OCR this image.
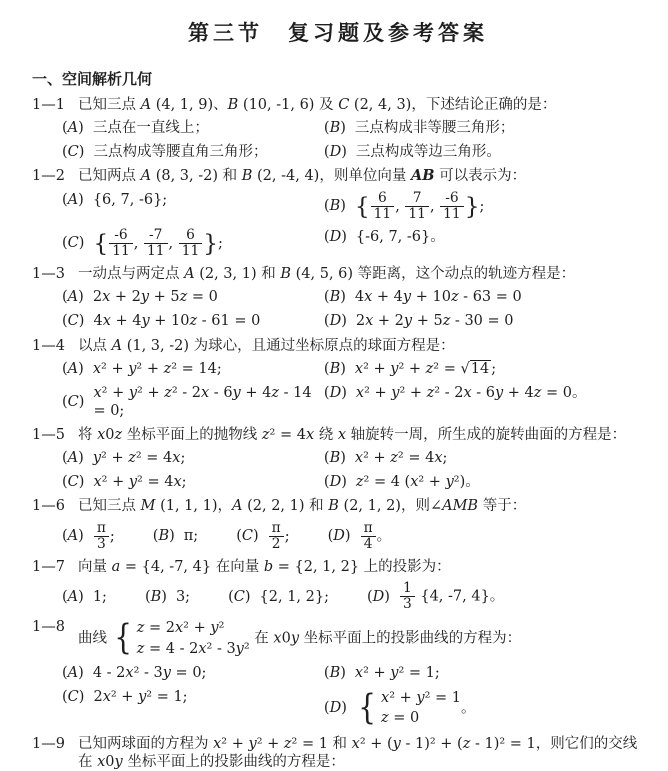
第三节　复习题及参考答案
一、空间解析几何
1—1 已知三点 A (4, 1, 9)、B (10, -1, 6) 及 C (2, 4, 3)，下述结论正确的是：
(A) 三点在一直线上；	(B) 三点构成非等腰三角形；
(C) 三点构成等腰直角三角形；	(D) 三点构成等边三角形。
1—2 已知两点 A (8, 3, -2) 和 B (2, -4, 4)，则单位向量 AB 可以表示为：
(A) {6, 7, -6};	(B) { $\frac{6}{11}$ , $\frac{7}{11}$ , $\frac{-6}{11}$ };
(C) { $\frac{-6}{11}$ , $\frac{-7}{11}$ , $\frac{6}{11}$ };	(D) {-6, 7, -6}。
1—3 一动点与两定点 A (2, 3, 1) 和 B (4, 5, 6) 等距离，这个动点的轨迹方程是：
(A) 2x + 2y + 5z = 0	(B) 4x + 4y + 10z - 63 = 0
(C) 4x + 4y + 10z - 61 = 0	(D) 2x + 2y + 5z - 30 = 0
1—4 以点 A (1, 3, -2) 为球心，且通过坐标原点的球面方程是：
(A) x² + y² + z² = 14;	(B) x² + y² + z² = √14 ;
(C)
x² + y² + z² - 2x - 6y + 4z - 14 = 0;
(D) x² + y² + z² - 2x - 6y + 4z = 0。
1—5 将 x0z 坐标平面上的抛物线 z² = 4x 绕 x 轴旋转一周，所生成的旋转曲面的方程是：
(A) y² + z² = 4x;	(B) x² + z² = 4x;
(C) x² + y² = 4x;	(D) z² = 4 (x² + y²)。
1—6 已知三点 M (1, 1, 1)，A (2, 2, 1) 和 B (2, 1, 2)，则∠AMB 等于：
$(A) \frac{\pi}{3}$ ;	(B) π;	$(C) \frac{\pi}{2}$ ;	$(D) \frac{\pi}{4}$ 。
1—7 向量 a = {4, -7, 4} 在向量 b = {2, 1, 2} 上的投影为：
(A) 1;	(B) 3;	(C) {2, 1, 2};	$(D) \frac{1}{3} \{4$, -7, 4}。
1—8
曲线 { z = 2x² + y²
z = 4 - 2x² - 3y²
在 x0y 坐标平面上的投影曲线的方程为：
(A) 4 - 2x² - 3y = 0;	(B) x² + y² = 1;
(C) 2x² + y² = 1;
(D) { x² + y² = 1
z = 0
。
1—9 已知两球面的方程为 x² + y² + z² = 1 和 x² + (y - 1)² + (z - 1)² = 1，则它们的交线在 x0y 坐标平面上的投影曲线的方程是：
